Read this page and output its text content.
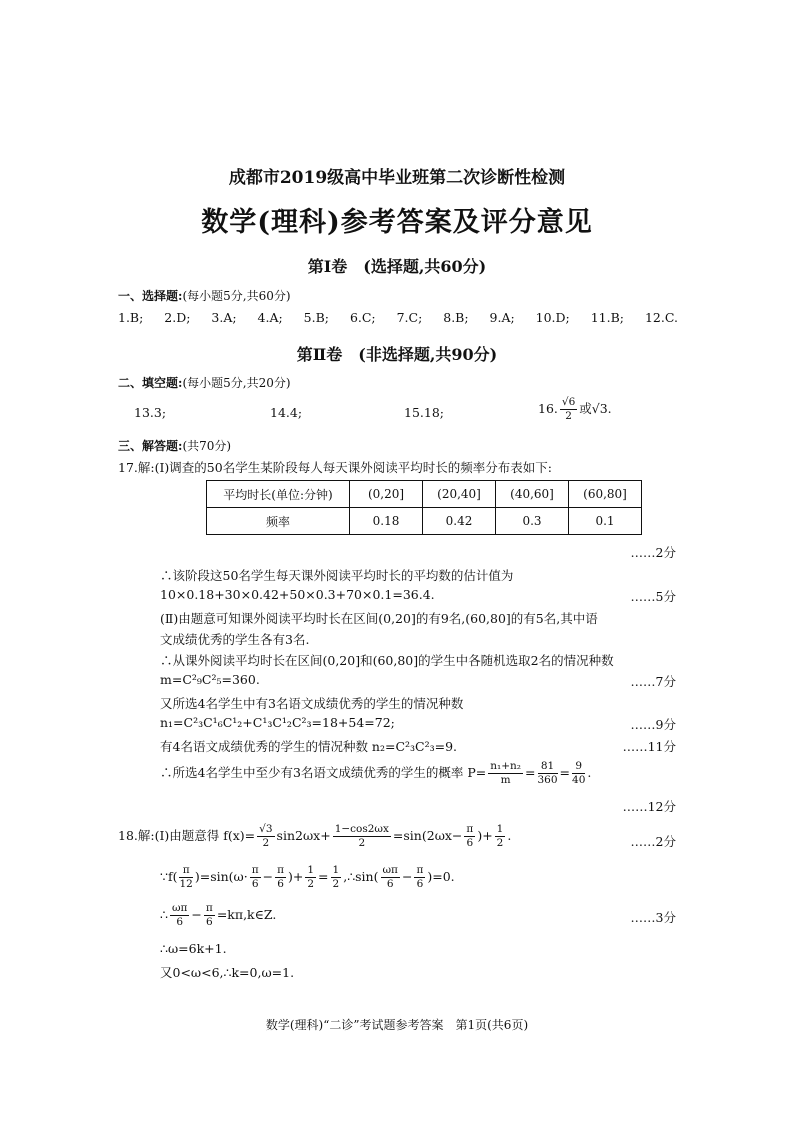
成都市2019级高中毕业班第二次诊断性检测
数学(理科)参考答案及评分意见
第Ⅰ卷　(选择题,共60分)
一、选择题:(每小题5分,共60分)
1.B; 2.D; 3.A; 4.A; 5.B; 6.C; 7.C; 8.B; 9.A; 10.D; 11.B; 12.C.
第Ⅱ卷　(非选择题,共90分)
二、填空题:(每小题5分,共20分)
13.3;	14.4;	15.18;	16. $\frac{√6}{2}$ 或√3.
三、解答题:(共70分)
17.解:(Ⅰ)调查的50名学生某阶段每人每天课外阅读平均时长的频率分布表如下:
平均时长(单位:分钟)	(0,20]	(20,40]	(40,60]	(60,80]
频率	0.18	0.42	0.3	0.1
……2分
∴该阶段这50名学生每天课外阅读平均时长的平均数的估计值为
10×0.18+30×0.42+50×0.3+70×0.1=36.4.	……5分
(Ⅱ)由题意可知课外阅读平均时长在区间(0,20]的有9名,(60,80]的有5名,其中语
文成绩优秀的学生各有3名.
∴从课外阅读平均时长在区间(0,20]和(60,80]的学生中各随机选取2名的情况种数
m=C²₉C²₅=360.	……7分
又所选4名学生中有3名语文成绩优秀的学生的情况种数
n₁=C²₃C¹₆C¹₂+C¹₃C¹₂C²₃=18+54=72;	……9分
有4名语文成绩优秀的学生的情况种数 n₂=C²₃C²₃=9.	……11分
∴所选4名学生中至少有3名语文成绩优秀的学生的概率 $P= \frac{\text{n₁+n₂}}{m} = \frac{81}{360} = \frac{9}{40}$ .
……12分
18.解:(Ⅰ)由题意得 $f(x)= \frac{√3}{2} \sin 2\omega x+ \frac{1-\cos 2\omega x}{2} =\sin(2\omega x- \frac{\pi}{6}$ )+ $\frac{1}{2}$ .	……2分
∵f( $\frac{\pi}{12} )=\sin(\omega\cdot \frac{\pi}{6} - \frac{\pi}{6}$ )+ $\frac{1}{2} = \frac{1}{2}$ ,∴sin( $\frac{\omega\pi}{6} - \frac{\pi}{6} )=0$.
∴ $\frac{\omega\pi}{6} - \frac{\pi}{6}$ =kπ,k∈Z.	……3分
∴ω=6k+1.
又0<ω<6,∴k=0,ω=1.
数学(理科)“二诊”考试题参考答案　第1页(共6页)
